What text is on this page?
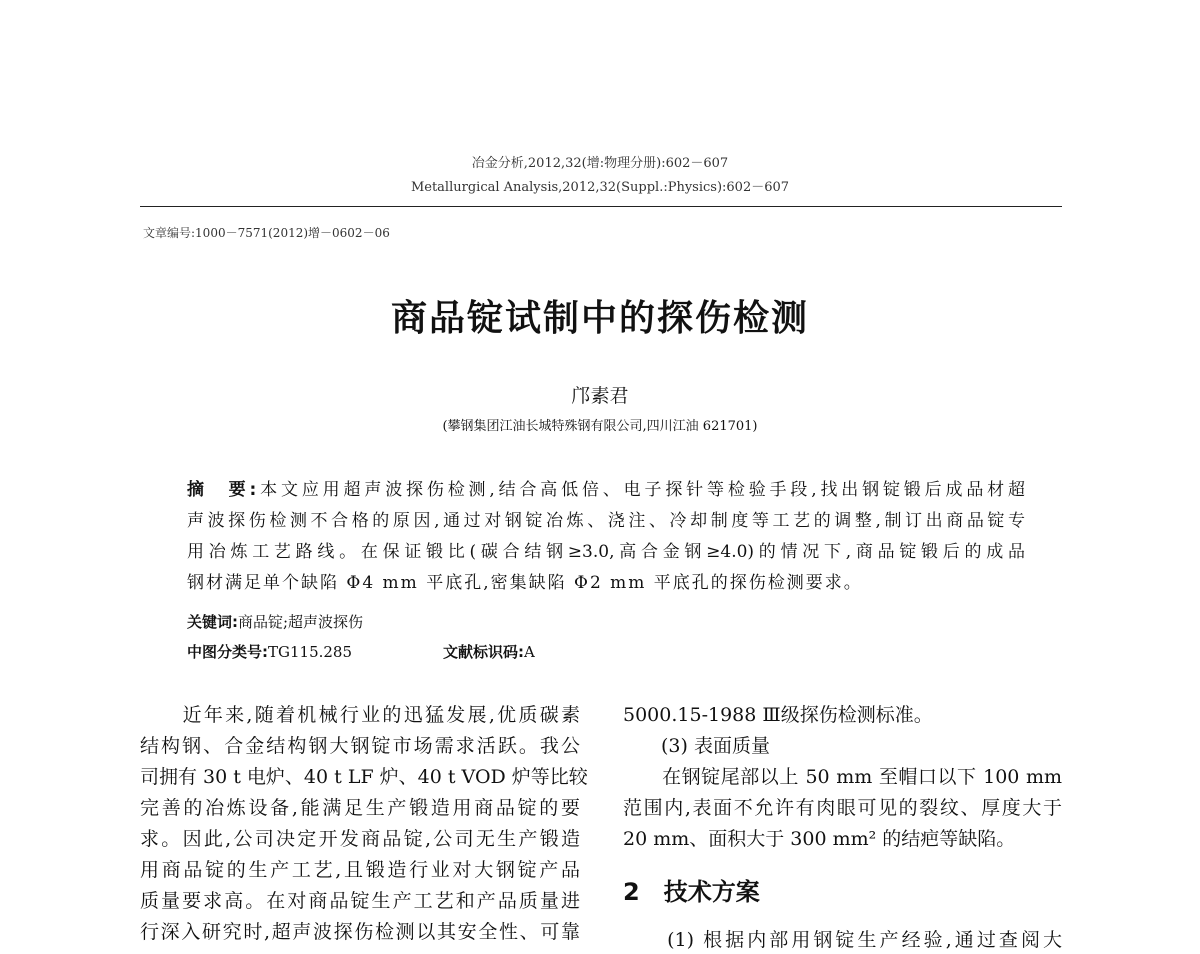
冶金分析,2012,32(增:物理分册):602－607
Metallurgical Analysis,2012,32(Suppl.:Physics):602－607
文章编号:1000－7571(2012)增－0602－06
商品锭试制中的探伤检测
邝素君
(攀钢集团江油长城特殊钢有限公司,四川江油 621701)
摘　要:本文应用超声波探伤检测,结合高低倍、电子探针等检验手段,找出钢锭锻后成品材超
声波探伤检测不合格的原因,通过对钢锭冶炼、浇注、冷却制度等工艺的调整,制订出商品锭专
用冶炼工艺路线。在保证锻比(碳合结钢≥3.0,高合金钢≥4.0)的情况下,商品锭锻后的成品
钢材满足单个缺陷 Φ4 mm 平底孔,密集缺陷 Φ2 mm 平底孔的探伤检测要求。
关键词:商品锭;超声波探伤
中图分类号:TG115.285	文献标识码:A
　　近年来,随着机械行业的迅猛发展,优质碳素
结构钢、合金结构钢大钢锭市场需求活跃。我公
司拥有 30 t 电炉、40 t LF 炉、40 t VOD 炉等比较
完善的冶炼设备,能满足生产锻造用商品锭的要
求。因此,公司决定开发商品锭,公司无生产锻造
用商品锭的生产工艺,且锻造行业对大钢锭产品
质量要求高。在对商品锭生产工艺和产品质量进
行深入研究时,超声波探伤检测以其安全性、可靠
5000.15-1988 Ⅲ级探伤检测标准。
　　(3) 表面质量
　　在钢锭尾部以上 50 mm 至帽口以下 100 mm
范围内,表面不允许有肉眼可见的裂纹、厚度大于
20 mm、面积大于 300 mm² 的结疤等缺陷。
2　技术方案
　　(1) 根据内部用钢锭生产经验,通过查阅大
